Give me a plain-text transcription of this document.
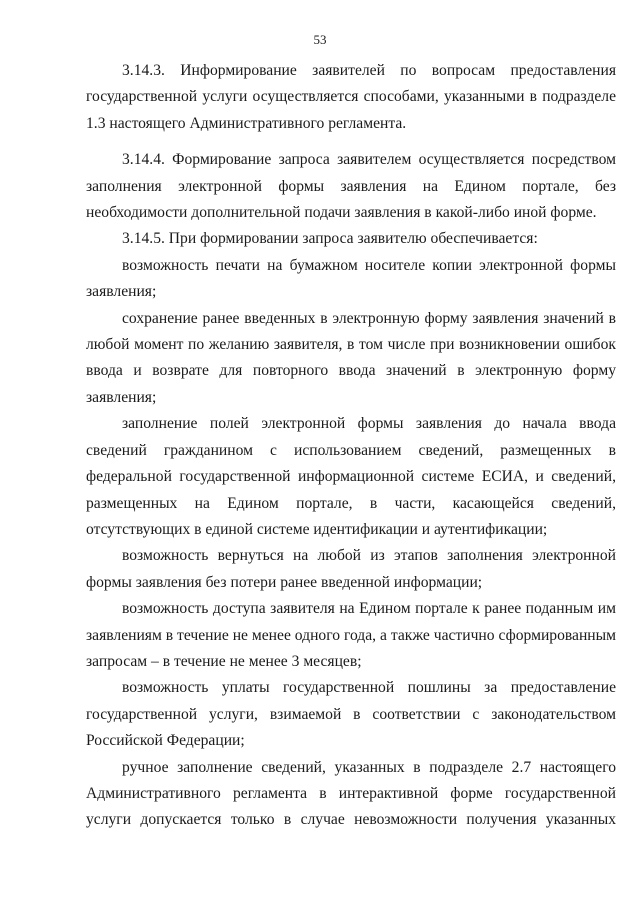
53

3.14.3. Информирование заявителей по вопросам предоставления государственной услуги осуществляется способами, указанными в подразделе 1.3 настоящего Административного регламента.

3.14.4. Формирование запроса заявителем осуществляется посредством заполнения электронной формы заявления на Едином портале, без необходимости дополнительной подачи заявления в какой-либо иной форме.

3.14.5. При формировании запроса заявителю обеспечивается:

возможность печати на бумажном носителе копии электронной формы заявления;

сохранение ранее введенных в электронную форму заявления значений в любой момент по желанию заявителя, в том числе при возникновении ошибок ввода и возврате для повторного ввода значений в электронную форму заявления;

заполнение полей электронной формы заявления до начала ввода сведений гражданином с использованием сведений, размещенных в федеральной государственной информационной системе ЕСИА, и сведений, размещенных на Едином портале, в части, касающейся сведений, отсутствующих в единой системе идентификации и аутентификации;

возможность вернуться на любой из этапов заполнения электронной формы заявления без потери ранее введенной информации;

возможность доступа заявителя на Едином портале к ранее поданным им заявлениям в течение не менее одного года, а также частично сформированным запросам – в течение не менее 3 месяцев;

возможность уплаты государственной пошлины за предоставление государственной услуги, взимаемой в соответствии с законодательством Российской Федерации;

ручное заполнение сведений, указанных в подразделе 2.7 настоящего Административного регламента в интерактивной форме государственной услуги допускается только в случае невозможности получения указанных
